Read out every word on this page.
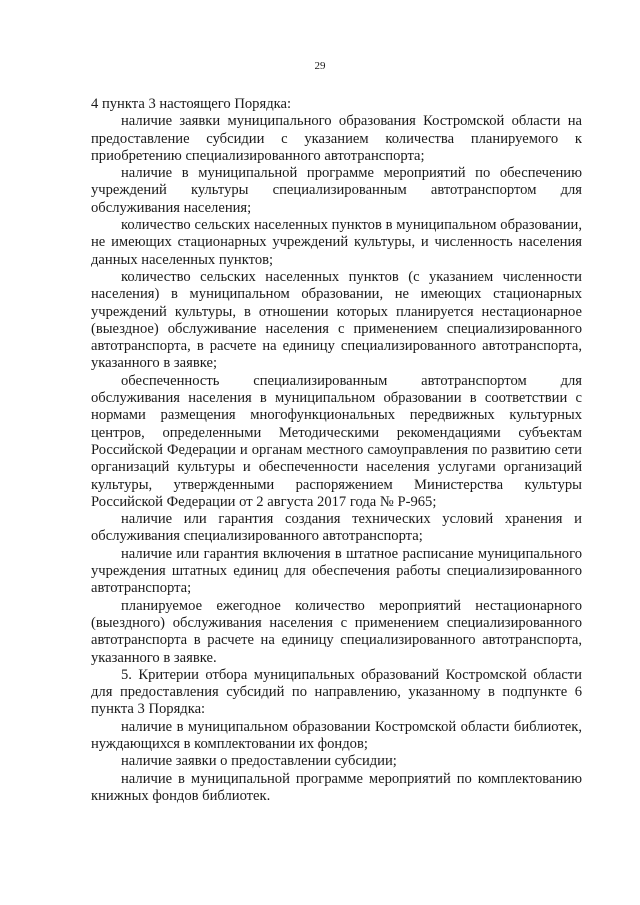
29

4 пункта 3 настоящего Порядка:

наличие заявки муниципального образования Костромской области на предоставление субсидии с указанием количества планируемого к приобретению специализированного автотранспорта;

наличие в муниципальной программе мероприятий по обеспечению учреждений культуры специализированным автотранспортом для обслуживания населения;

количество сельских населенных пунктов в муниципальном образовании, не имеющих стационарных учреждений культуры, и численность населения данных населенных пунктов;

количество сельских населенных пунктов (с указанием численности населения) в муниципальном образовании, не имеющих стационарных учреждений культуры, в отношении которых планируется нестационарное (выездное) обслуживание населения с применением специализированного автотранспорта, в расчете на единицу специализированного автотранспорта, указанного в заявке;

обеспеченность специализированным автотранспортом для обслуживания населения в муниципальном образовании в соответствии с нормами размещения многофункциональных передвижных культурных центров, определенными Методическими рекомендациями субъектам Российской Федерации и органам местного самоуправления по развитию сети организаций культуры и обеспеченности населения услугами организаций культуры, утвержденными распоряжением Министерства культуры Российской Федерации от 2 августа 2017 года № Р-965;

наличие или гарантия создания технических условий хранения и обслуживания специализированного автотранспорта;

наличие или гарантия включения в штатное расписание муниципального учреждения штатных единиц для обеспечения работы специализированного автотранспорта;

планируемое ежегодное количество мероприятий нестационарного (выездного) обслуживания населения с применением специализированного автотранспорта в расчете на единицу специализированного автотранспорта, указанного в заявке.

5. Критерии отбора муниципальных образований Костромской области для предоставления субсидий по направлению, указанному в подпункте 6 пункта 3 Порядка:

наличие в муниципальном образовании Костромской области библиотек, нуждающихся в комплектовании их фондов;

наличие заявки о предоставлении субсидии;

наличие в муниципальной программе мероприятий по комплектованию книжных фондов библиотек.
